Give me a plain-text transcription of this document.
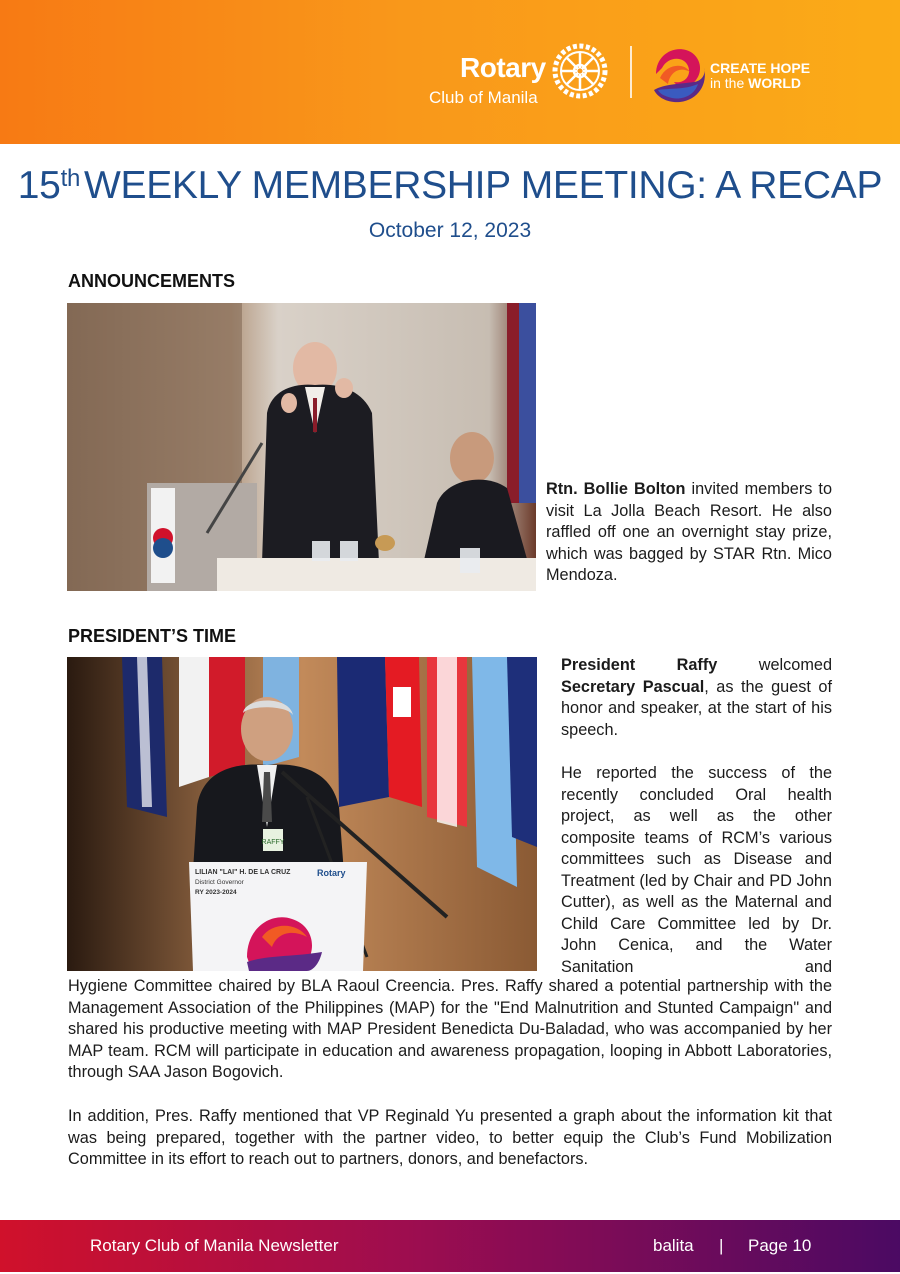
Rotary
Club of Manila
CREATE HOPE
in the WORLD
15th WEEKLY MEMBERSHIP MEETING: A RECAP
October 12, 2023
ANNOUNCEMENTS
Rtn. Bollie Bolton invited members to visit La Jolla Beach Resort. He also raffled off one an overnight stay prize, which was bagged by STAR Rtn. Mico Mendoza.
PRESIDENT’S TIME
RAFFY
LILIAN "LAI" H. DE LA CRUZ
District Governor
RY 2023-2024
Rotary
President Raffy welcomed Secretary Pascual, as the guest of honor and speaker, at the start of his speech.
He reported the success of the recently concluded Oral health project, as well as the other composite teams of RCM’s various committees such as Disease and Treatment (led by Chair and PD John Cutter), as well as the Maternal and Child Care Committee led by Dr. John Cenica, and the Water Sanitation and
Hygiene Committee chaired by BLA Raoul Creencia. Pres. Raffy shared a potential partnership with the Management Association of the Philippines (MAP) for the "End Malnutrition and Stunted Campaign" and shared his productive meeting with MAP President Benedicta Du-Baladad, who was accompanied by her MAP team. RCM will participate in education and awareness propagation, looping in Abbott Laboratories, through SAA Jason Bogovich.
In addition, Pres. Raffy mentioned that VP Reginald Yu presented a graph about the information kit that was being prepared, together with the partner video, to better equip the Club’s Fund Mobilization Committee in its effort to reach out to partners, donors, and benefactors.
Rotary Club of Manila Newsletter	balita | Page 10
